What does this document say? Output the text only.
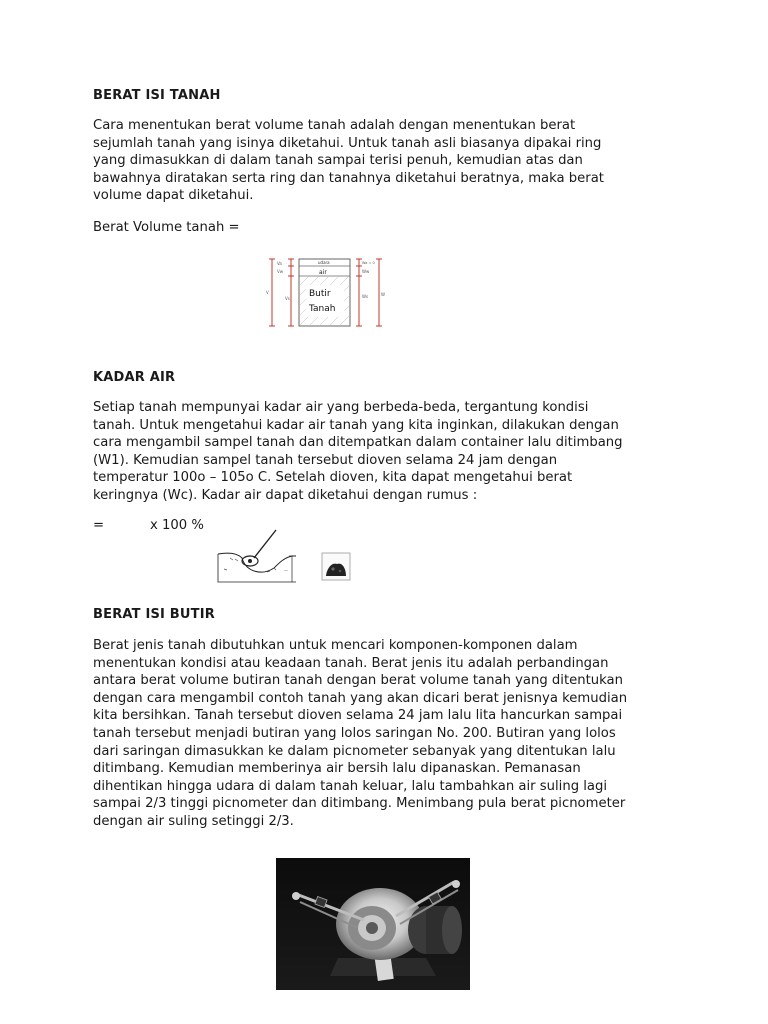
BERAT ISI TANAH
Cara menentukan berat volume tanah adalah dengan menentukan berat
sejumlah tanah yang isinya diketahui. Untuk tanah asli biasanya dipakai ring
yang dimasukkan di dalam tanah sampai terisi penuh, kemudian atas dan
bawahnya diratakan serta ring dan tanahnya diketahui beratnya, maka berat
volume dapat diketahui.
Berat Volume tanah =
Va
Vw
V
Vs
udara
air
Butir
Tanah
Wa = 0
Ww
Ws	W
KADAR AIR
Setiap tanah mempunyai kadar air yang berbeda-beda, tergantung kondisi
tanah. Untuk mengetahui kadar air tanah yang kita inginkan, dilakukan dengan
cara mengambil sampel tanah dan ditempatkan dalam container lalu ditimbang
(W1). Kemudian sampel tanah tersebut dioven selama 24 jam dengan
temperatur 100o – 105o C. Setelah dioven, kita dapat mengetahui berat
keringnya (Wc). Kadar air dapat diketahui dengan rumus :
=	x 100 %
—
BERAT ISI BUTIR
Berat jenis tanah dibutuhkan untuk mencari komponen-komponen dalam
menentukan kondisi atau keadaan tanah. Berat jenis itu adalah perbandingan
antara berat volume butiran tanah dengan berat volume tanah yang ditentukan
dengan cara mengambil contoh tanah yang akan dicari berat jenisnya kemudian
kita bersihkan. Tanah tersebut dioven selama 24 jam lalu lita hancurkan sampai
tanah tersebut menjadi butiran yang lolos saringan No. 200. Butiran yang lolos
dari saringan dimasukkan ke dalam picnometer sebanyak yang ditentukan lalu
ditimbang. Kemudian memberinya air bersih lalu dipanaskan. Pemanasan
dihentikan hingga udara di dalam tanah keluar, lalu tambahkan air suling lagi
sampai 2/3 tinggi picnometer dan ditimbang. Menimbang pula berat picnometer
dengan air suling setinggi 2/3.
